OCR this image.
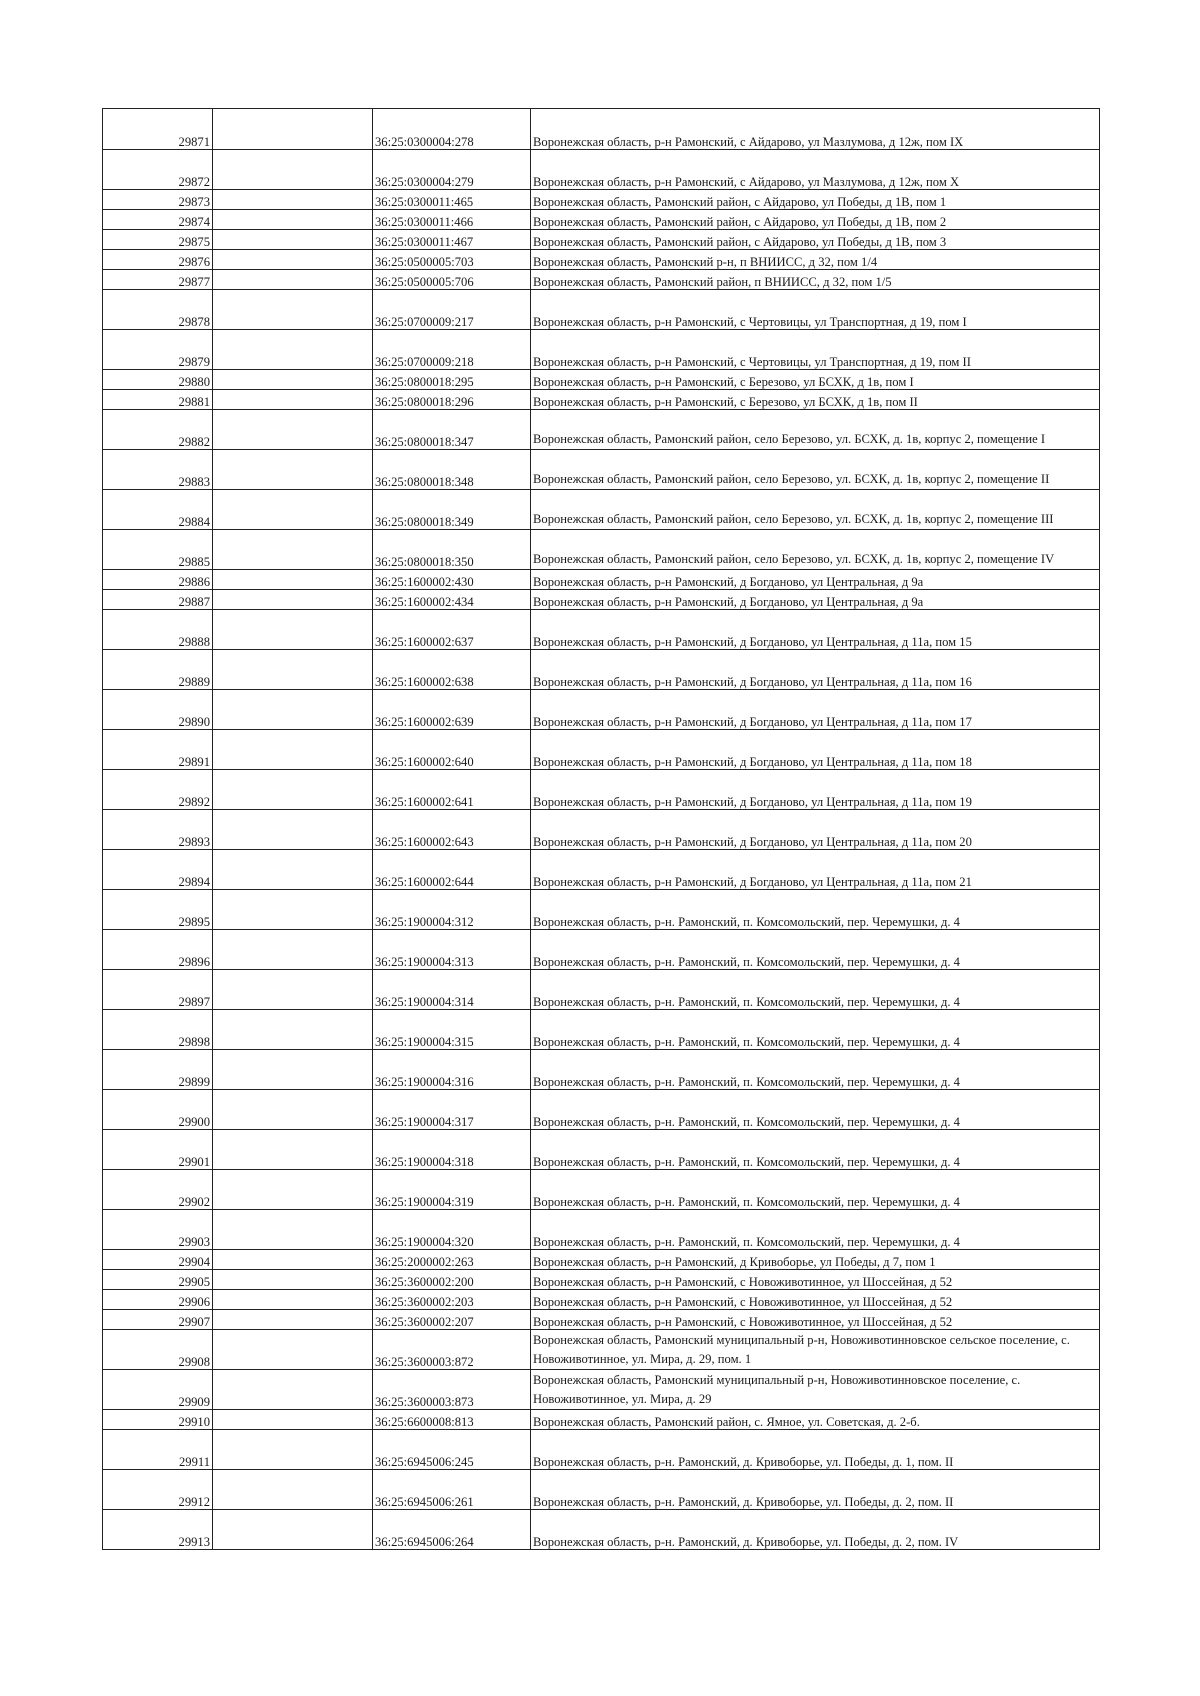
29871		36:25:0300004:278	Воронежская область, р-н Рамонский, с Айдарово, ул Мазлумова, д 12ж, пом IX
29872		36:25:0300004:279	Воронежская область, р-н Рамонский, с Айдарово, ул Мазлумова, д 12ж, пом X
29873		36:25:0300011:465	Воронежская область, Рамонский район, с Айдарово, ул Победы, д 1В, пом 1
29874		36:25:0300011:466	Воронежская область, Рамонский район, с Айдарово, ул Победы, д 1В, пом 2
29875		36:25:0300011:467	Воронежская область, Рамонский район, с Айдарово, ул Победы, д 1В, пом 3
29876		36:25:0500005:703	Воронежская область, Рамонский р-н, п ВНИИСС, д 32, пом 1/4
29877		36:25:0500005:706	Воронежская область, Рамонский район, п ВНИИСС, д 32, пом 1/5
29878		36:25:0700009:217	Воронежская область, р-н Рамонский, с Чертовицы, ул Транспортная, д 19, пом I
29879		36:25:0700009:218	Воронежская область, р-н Рамонский, с Чертовицы, ул Транспортная, д 19, пом II
29880		36:25:0800018:295	Воронежская область, р-н Рамонский, с Березово, ул БСХК, д 1в, пом I
29881		36:25:0800018:296	Воронежская область, р-н Рамонский, с Березово, ул БСХК, д 1в, пом II
29882		36:25:0800018:347	Воронежская область, Рамонский район, село Березово, ул. БСХК, д. 1в, корпус 2, помещение I
29883		36:25:0800018:348	Воронежская область, Рамонский район, село Березово, ул. БСХК, д. 1в, корпус 2, помещение II
29884		36:25:0800018:349	Воронежская область, Рамонский район, село Березово, ул. БСХК, д. 1в, корпус 2, помещение III
29885		36:25:0800018:350	Воронежская область, Рамонский район, село Березово, ул. БСХК, д. 1в, корпус 2, помещение IV
29886		36:25:1600002:430	Воронежская область, р-н Рамонский, д Богданово, ул Центральная, д 9а
29887		36:25:1600002:434	Воронежская область, р-н Рамонский, д Богданово, ул Центральная, д 9а
29888		36:25:1600002:637	Воронежская область, р-н Рамонский, д Богданово, ул Центральная, д 11а, пом 15
29889		36:25:1600002:638	Воронежская область, р-н Рамонский, д Богданово, ул Центральная, д 11а, пом 16
29890		36:25:1600002:639	Воронежская область, р-н Рамонский, д Богданово, ул Центральная, д 11а, пом 17
29891		36:25:1600002:640	Воронежская область, р-н Рамонский, д Богданово, ул Центральная, д 11а, пом 18
29892		36:25:1600002:641	Воронежская область, р-н Рамонский, д Богданово, ул Центральная, д 11а, пом 19
29893		36:25:1600002:643	Воронежская область, р-н Рамонский, д Богданово, ул Центральная, д 11а, пом 20
29894		36:25:1600002:644	Воронежская область, р-н Рамонский, д Богданово, ул Центральная, д 11а, пом 21
29895		36:25:1900004:312	Воронежская область, р-н. Рамонский, п. Комсомольский, пер. Черемушки, д. 4
29896		36:25:1900004:313	Воронежская область, р-н. Рамонский, п. Комсомольский, пер. Черемушки, д. 4
29897		36:25:1900004:314	Воронежская область, р-н. Рамонский, п. Комсомольский, пер. Черемушки, д. 4
29898		36:25:1900004:315	Воронежская область, р-н. Рамонский, п. Комсомольский, пер. Черемушки, д. 4
29899		36:25:1900004:316	Воронежская область, р-н. Рамонский, п. Комсомольский, пер. Черемушки, д. 4
29900		36:25:1900004:317	Воронежская область, р-н. Рамонский, п. Комсомольский, пер. Черемушки, д. 4
29901		36:25:1900004:318	Воронежская область, р-н. Рамонский, п. Комсомольский, пер. Черемушки, д. 4
29902		36:25:1900004:319	Воронежская область, р-н. Рамонский, п. Комсомольский, пер. Черемушки, д. 4
29903		36:25:1900004:320	Воронежская область, р-н. Рамонский, п. Комсомольский, пер. Черемушки, д. 4
29904		36:25:2000002:263	Воронежская область, р-н Рамонский, д Кривоборье, ул Победы, д 7, пом 1
29905		36:25:3600002:200	Воронежская область, р-н Рамонский, с Новоживотинное, ул Шоссейная, д 52
29906		36:25:3600002:203	Воронежская область, р-н Рамонский, с Новоживотинное, ул Шоссейная, д 52
29907		36:25:3600002:207	Воронежская область, р-н Рамонский, с Новоживотинное, ул Шоссейная, д 52
29908		36:25:3600003:872	Воронежская область, Рамонский муниципальный р-н, Новоживотинновское сельское поселение, с. Новоживотинное, ул. Мира, д. 29, пом. 1
29909		36:25:3600003:873	Воронежская область, Рамонский муниципальный р-н, Новоживотинновское поселение, с. Новоживотинное, ул. Мира, д. 29
29910		36:25:6600008:813	Воронежская область, Рамонский район, с. Ямное, ул. Советская, д. 2-б.
29911		36:25:6945006:245	Воронежская область, р-н. Рамонский, д. Кривоборье, ул. Победы, д. 1, пом. II
29912		36:25:6945006:261	Воронежская область, р-н. Рамонский, д. Кривоборье, ул. Победы, д. 2, пом. II
29913		36:25:6945006:264	Воронежская область, р-н. Рамонский, д. Кривоборье, ул. Победы, д. 2, пом. IV
